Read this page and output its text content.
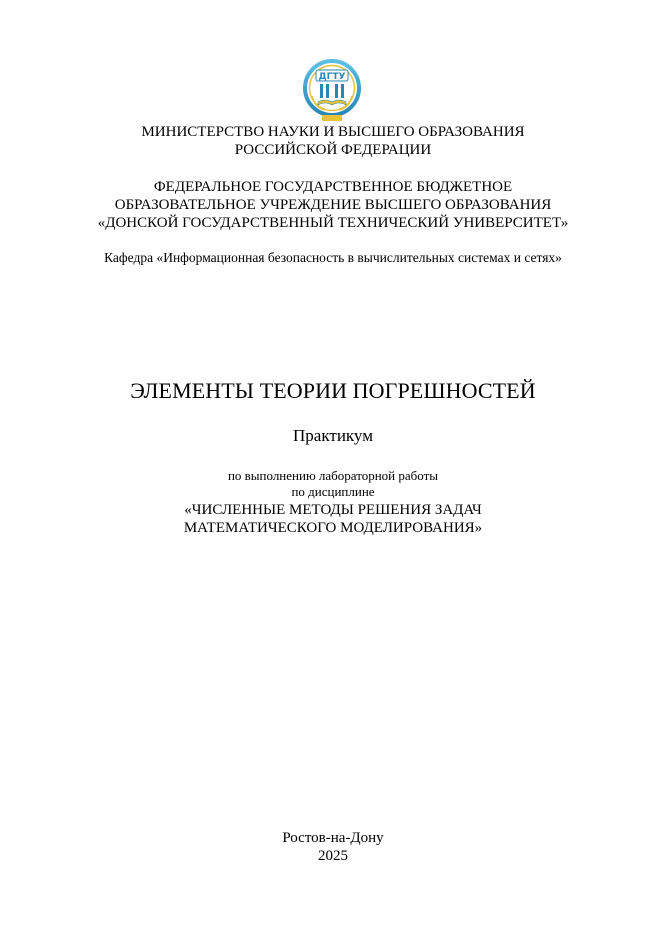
ДГТУ
МИНИСТЕРСТВО НАУКИ И ВЫСШЕГО ОБРАЗОВАНИЯ
РОССИЙСКОЙ ФЕДЕРАЦИИ
ФЕДЕРАЛЬНОЕ ГОСУДАРСТВЕННОЕ БЮДЖЕТНОЕ
ОБРАЗОВАТЕЛЬНОЕ УЧРЕЖДЕНИЕ ВЫСШЕГО ОБРАЗОВАНИЯ
«ДОНСКОЙ ГОСУДАРСТВЕННЫЙ ТЕХНИЧЕСКИЙ УНИВЕРСИТЕТ»
Кафедра «Информационная безопасность в вычислительных системах и сетях»
ЭЛЕМЕНТЫ ТЕОРИИ ПОГРЕШНОСТЕЙ
Практикум
по выполнению лабораторной работы
по дисциплине
«ЧИСЛЕННЫЕ МЕТОДЫ РЕШЕНИЯ ЗАДАЧ
МАТЕМАТИЧЕСКОГО МОДЕЛИРОВАНИЯ»
Ростов-на-Дону
2025
